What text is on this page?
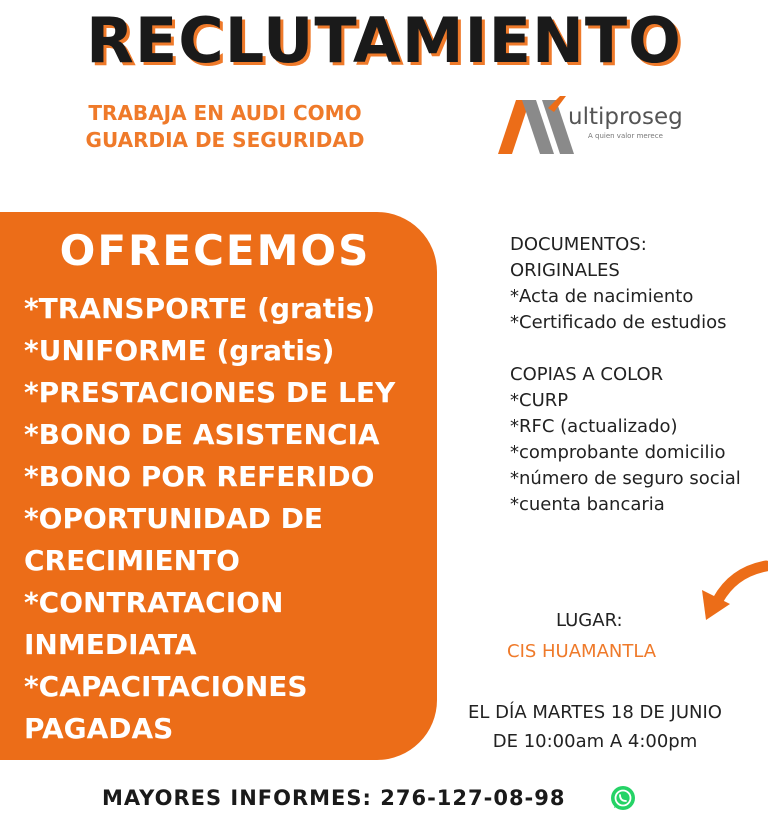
RECLUTAMIENTO
TRABAJA EN AUDI COMO
GUARDIA DE SEGURIDAD
ultiproseg
A quien valor merece
OFRECEMOS
*TRANSPORTE (gratis)
*UNIFORME (gratis)
*PRESTACIONES DE LEY
*BONO DE ASISTENCIA
*BONO POR REFERIDO
*OPORTUNIDAD DE
CRECIMIENTO
*CONTRATACION
INMEDIATA
*CAPACITACIONES
PAGADAS
DOCUMENTOS:
ORIGINALES
*Acta de nacimiento
*Certificado de estudios
COPIAS A COLOR
*CURP
*RFC (actualizado)
*comprobante domicilio
*número de seguro social
*cuenta bancaria
LUGAR:
CIS HUAMANTLA
EL DÍA MARTES 18 DE JUNIO
DE 10:00am A 4:00pm
MAYORES INFORMES: 276-127-08-98
